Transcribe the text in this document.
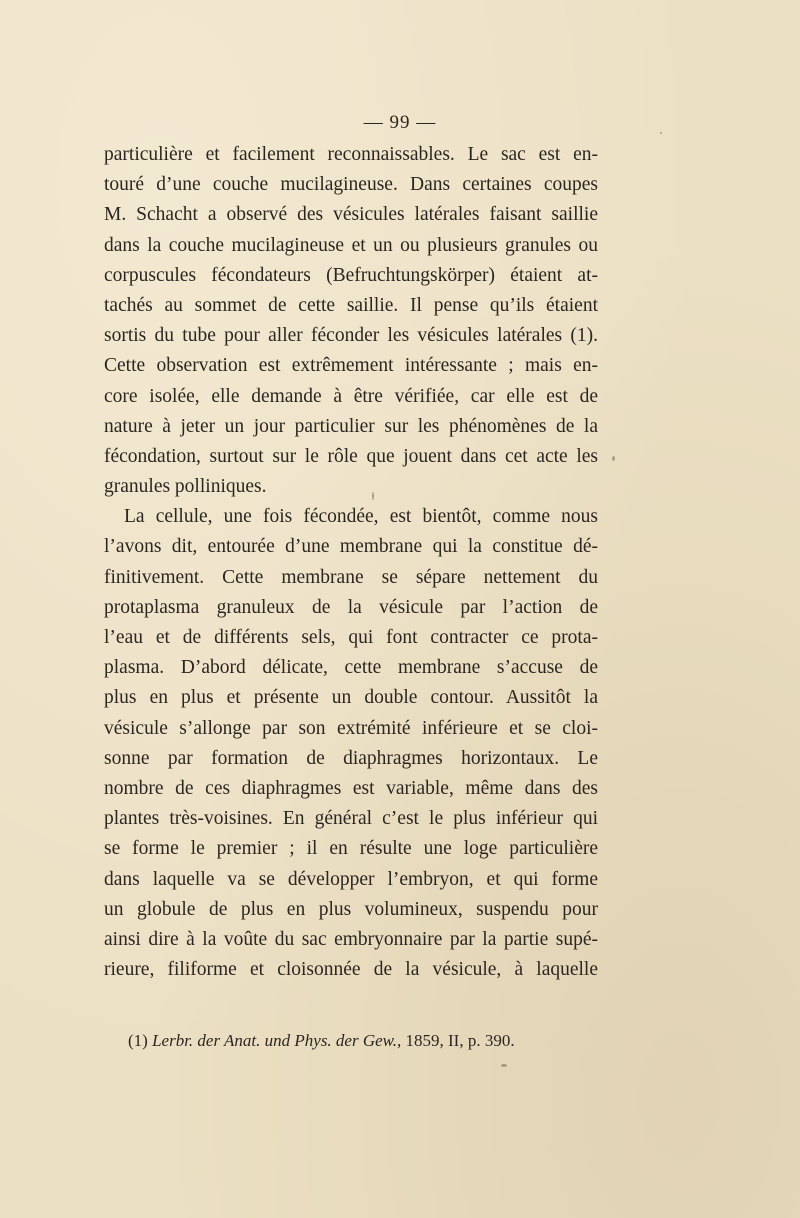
— 99 —
particulière et facilement reconnaissables. Le sac est en-
touré d’une couche mucilagineuse. Dans certaines coupes
M. Schacht a observé des vésicules latérales faisant saillie
dans la couche mucilagineuse et un ou plusieurs granules ou
corpuscules fécondateurs (Befruchtungskörper) étaient at-
tachés au sommet de cette saillie. Il pense qu’ils étaient
sortis du tube pour aller féconder les vésicules latérales (1).
Cette observation est extrêmement intéressante ; mais en-
core isolée, elle demande à être vérifiée, car elle est de
nature à jeter un jour particulier sur les phénomènes de la
fécondation, surtout sur le rôle que jouent dans cet acte les
granules polliniques.
La cellule, une fois fécondée, est bientôt, comme nous
l’avons dit, entourée d’une membrane qui la constitue dé-
finitivement. Cette membrane se sépare nettement du
protaplasma granuleux de la vésicule par l’action de
l’eau et de différents sels, qui font contracter ce prota-
plasma. D’abord délicate, cette membrane s’accuse de
plus en plus et présente un double contour. Aussitôt la
vésicule s’allonge par son extrémité inférieure et se cloi-
sonne par formation de diaphragmes horizontaux. Le
nombre de ces diaphragmes est variable, même dans des
plantes très-voisines. En général c’est le plus inférieur qui
se forme le premier ; il en résulte une loge particulière
dans laquelle va se développer l’embryon, et qui forme
un globule de plus en plus volumineux, suspendu pour
ainsi dire à la voûte du sac embryonnaire par la partie supé-
rieure, filiforme et cloisonnée de la vésicule, à laquelle
(1) Lerbr. der Anat. und Phys. der Gew., 1859, II, p. 390.
